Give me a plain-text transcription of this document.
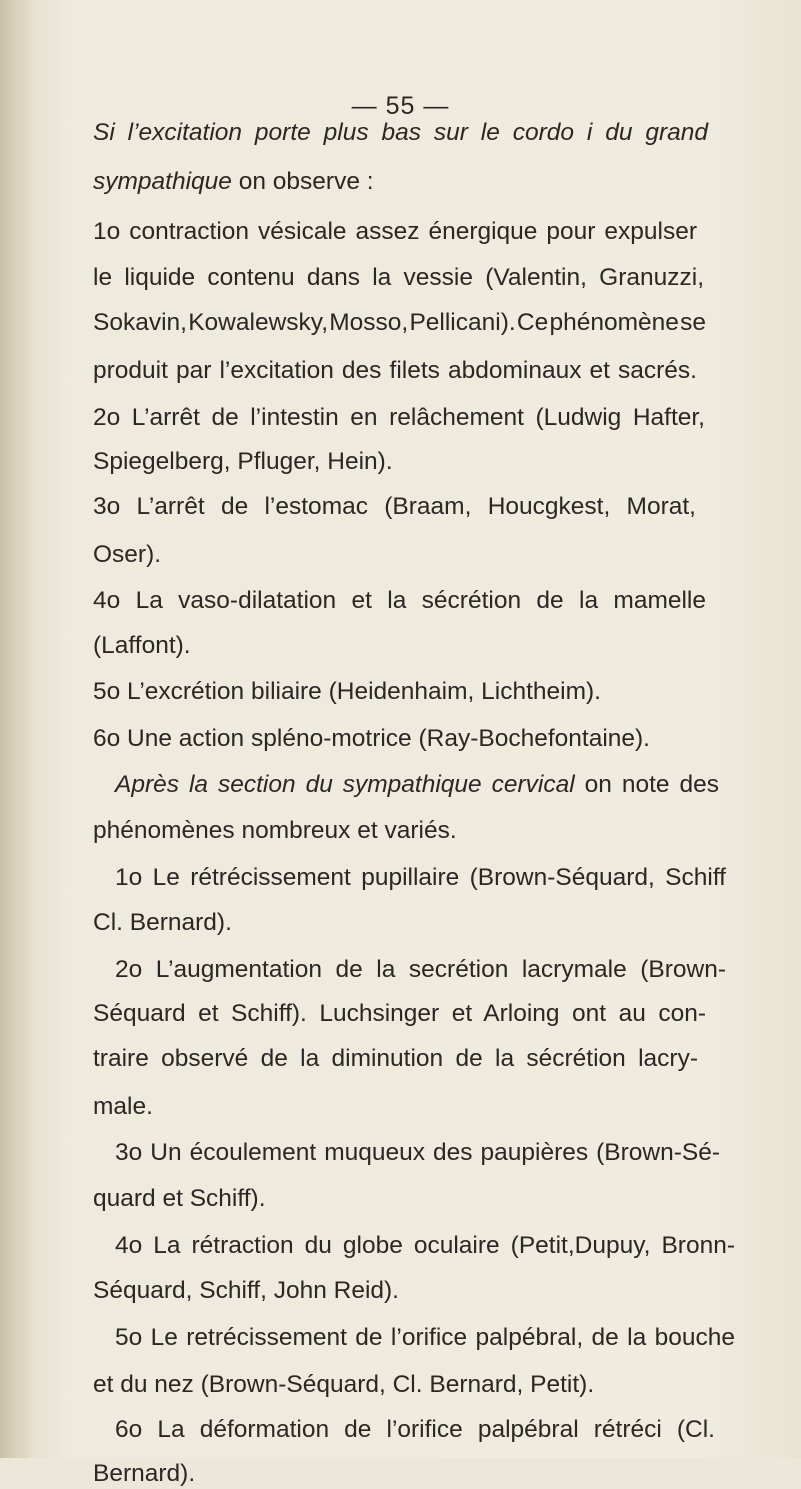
— 55 —
Si l’excitation porte plus bas sur le cordo i du grand
sympathique on observe :
1o contraction vésicale assez énergique pour expulser
le liquide contenu dans la vessie (Valentin, Granuzzi,
Sokavin, Kowalewsky, Mosso, Pellicani). Ce phénomène se
produit par l’excitation des filets abdominaux et sacrés.
2o L’arrêt de l’intestin en relâchement (Ludwig Hafter,
Spiegelberg, Pfluger, Hein).
3o L’arrêt de l’estomac (Braam, Houcgkest, Morat,
Oser).
4o La vaso-dilatation et la sécrétion de la mamelle
(Laffont).
5o L’excrétion biliaire (Heidenhaim, Lichtheim).
6o Une action spléno-motrice (Ray-Bochefontaine).
Après la section du sympathique cervical on note des
phénomènes nombreux et variés.
1o Le rétrécissement pupillaire (Brown-Séquard, Schiff
Cl. Bernard).
2o L’augmentation de la secrétion lacrymale (Brown-
Séquard et Schiff). Luchsinger et Arloing ont au con-
traire observé de la diminution de la sécrétion lacry-
male.
3o Un écoulement muqueux des paupières (Brown-Sé-
quard et Schiff).
4o La rétraction du globe oculaire (Petit,Dupuy, Bronn-
Séquard, Schiff, John Reid).
5o Le retrécissement de l’orifice palpébral, de la bouche
et du nez (Brown-Séquard, Cl. Bernard, Petit).
6o La déformation de l’orifice palpébral rétréci (Cl.
Bernard).
